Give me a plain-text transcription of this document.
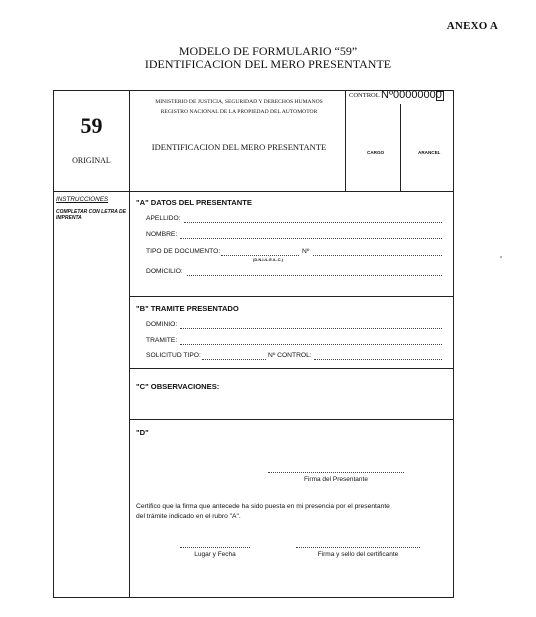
ANEXO A
MODELO DE FORMULARIO “59”
IDENTIFICACION DEL MERO PRESENTANTE
59
ORIGINAL
MINISTERIO DE JUSTICIA, SEGURIDAD Y DERECHOS HUMANOS
REGISTRO NACIONAL DE LA PROPIEDAD DEL AUTOMOTOR
IDENTIFICACION DEL MERO PRESENTANTE
CONTROL Nº00000000
CARGO	ARANCEL
INSTRUCCIONES
COMPLETAR CON LETRA DE IMPRENTA
"A" DATOS DEL PRESENTANTE
APELLIDO:
NOMBRE:
TIPO DE DOCUMENTO:
(D.N.I./L.E./L.C.)
Nº
DOMICILIO:
"B" TRAMITE PRESENTADO
DOMINIO:
TRAMITE:
SOLICITUD TIPO:	Nº CONTROL:
"C" OBSERVACIONES:
"D"
Firma del Presentante
Certifico que la firma que antecede ha sido puesta en mi presencia por el presentante
del trámite indicado en el rubro "A".
Lugar y Fecha	Firma y sello del certificante
